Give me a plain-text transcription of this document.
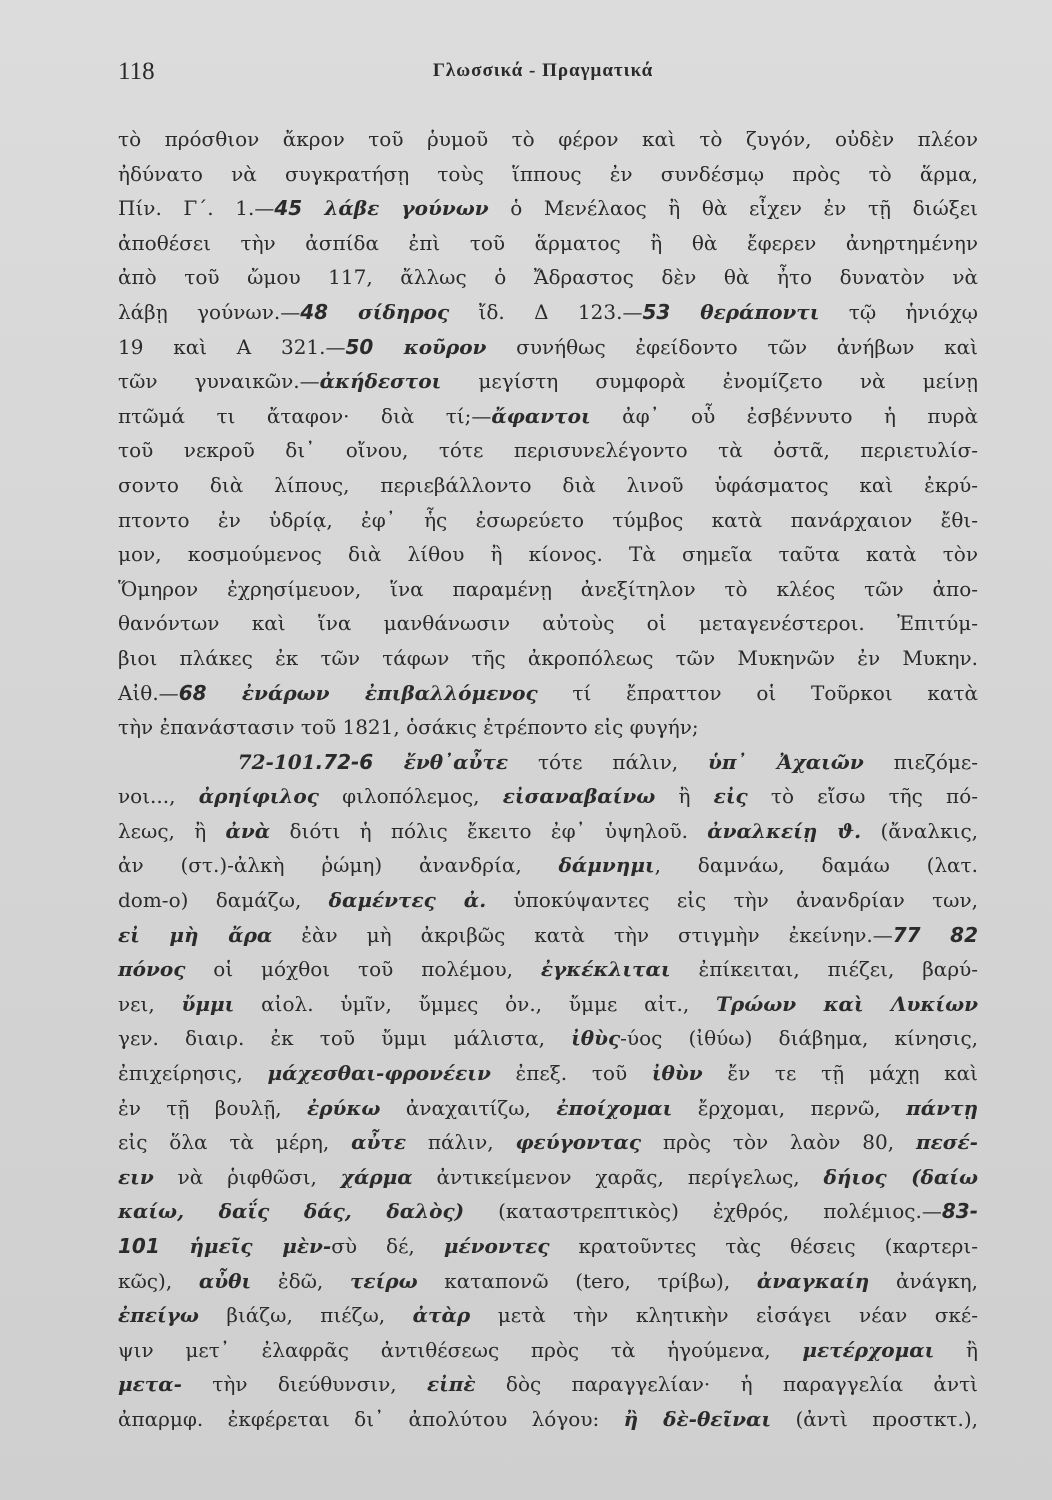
118	Γλωσσικά - Πραγματικά
τὸ πρόσθιον ἄκρον τοῦ ῥυμοῦ τὸ φέρον καὶ τὸ ζυγόν, οὐδὲν πλέον
ἠδύνατο νὰ συγκρατήσῃ τοὺς ἵππους ἐν συνδέσμῳ πρὸς τὸ ἅρμα,
Πίν. Γ΄. 1.—45 λάβε γούνων ὁ Μενέλαος ἢ θὰ εἶχεν ἐν τῇ διώξει
ἀποθέσει τὴν ἀσπίδα ἐπὶ τοῦ ἅρματος ἢ θὰ ἔφερεν ἀνηρτημένην
ἀπὸ τοῦ ὤμου 117, ἄλλως ὁ Ἄδραστος δὲν θὰ ἦτο δυνατὸν νὰ
λάβῃ γούνων.—48 σίδηρος ἴδ. Δ 123.—53 θεράποντι τῷ ἡνιόχῳ
19 καὶ Α 321.—50 κοῦρον συνήθως ἐφείδοντο τῶν ἀνήβων καὶ
τῶν γυναικῶν.—ἀκήδεστοι μεγίστη συμφορὰ ἐνομίζετο νὰ μείνῃ
πτῶμά τι ἄταφον· διὰ τί;—ἄφαντοι ἀφ᾽ οὗ ἐσβέννυτο ἡ πυρὰ
τοῦ νεκροῦ δι᾽ οἴνου, τότε περισυνελέγοντο τὰ ὀστᾶ, περιετυλίσ-
σοντο διὰ λίπους, περιεβάλλοντο διὰ λινοῦ ὑφάσματος καὶ ἐκρύ-
πτοντο ἐν ὑδρίᾳ, ἐφ᾽ ἧς ἐσωρεύετο τύμβος κατὰ πανάρχαιον ἔθι-
μον, κοσμούμενος διὰ λίθου ἢ κίονος. Τὰ σημεῖα ταῦτα κατὰ τὸν
Ὅμηρον ἐχρησίμευον, ἵνα παραμένῃ ἀνεξίτηλον τὸ κλέος τῶν ἀπο-
θανόντων καὶ ἵνα μανθάνωσιν αὐτοὺς οἱ μεταγενέστεροι. Ἐπιτύμ-
βιοι πλάκες ἐκ τῶν τάφων τῆς ἀκροπόλεως τῶν Μυκηνῶν ἐν Μυκην.
Αἰθ.—68 ἐνάρων ἐπιβαλλόμενος τί ἔπραττον οἱ Τοῦρκοι κατὰ
τὴν ἐπανάστασιν τοῦ 1821, ὁσάκις ἐτρέποντο εἰς φυγήν;
72-101.72-6 ἔνθ᾽αὖτε τότε πάλιν, ὑπ᾽ Ἀχαιῶν πιεζόμε-
νοι..., ἀρηίφιλος φιλοπόλεμος, εἰσαναβαίνω ἢ εἰς τὸ εἴσω τῆς πό-
λεως, ἢ ἀνὰ διότι ἡ πόλις ἔκειτο ἐφ᾽ ὑψηλοῦ. ἀναλκείῃ ϑ. (ἄναλκις,
ἀν (στ.)-ἀλκὴ ῥώμη) ἀνανδρία, δάμνημι, δαμνάω, δαμάω (λατ.
dom-o) δαμάζω, δαμέντες ἀ. ὑποκύψαντες εἰς τὴν ἀνανδρίαν των,
εἰ μὴ ἄρα ἐὰν μὴ ἀκριβῶς κατὰ τὴν στιγμὴν ἐκείνην.—77 82
πόνος οἱ μόχθοι τοῦ πολέμου, ἐγκέκλιται ἐπίκειται, πιέζει, βαρύ-
νει, ὔμμι αἰολ. ὑμῖν, ὔμμες ὀν., ὔμμε αἰτ., Τρώων καὶ Λυκίων
γεν. διαιρ. ἐκ τοῦ ὔμμι μάλιστα, ἰθὺς-ύος (ἰθύω) διάβημα, κίνησις,
ἐπιχείρησις, μάχεσθαι-φρονέειν ἐπεξ. τοῦ ἰθὺν ἔν τε τῇ μάχῃ καὶ
ἐν τῇ βουλῇ, ἐρύκω ἀναχαιτίζω, ἐποίχομαι ἔρχομαι, περνῶ, πάντῃ
εἰς ὅλα τὰ μέρη, αὖτε πάλιν, φεύγοντας πρὸς τὸν λαὸν 80, πεσέ-
ειν νὰ ῥιφθῶσι, χάρμα ἀντικείμενον χαρᾶς, περίγελως, δήιος (δαίω
καίω, δαΐς δάς, δαλὸς) (καταστρεπτικὸς) ἐχθρός, πολέμιος.—83-
101 ἡμεῖς μὲν-σὺ δέ, μένοντες κρατοῦντες τὰς θέσεις (καρτερι-
κῶς), αὖθι ἐδῶ, τείρω καταπονῶ (tero, τρίβω), ἀναγκαίη ἀνάγκη,
ἐπείγω βιάζω, πιέζω, ἀτὰρ μετὰ τὴν κλητικὴν εἰσάγει νέαν σκέ-
ψιν μετ᾽ ἐλαφρᾶς ἀντιθέσεως πρὸς τὰ ἡγούμενα, μετέρχομαι ἢ
μετα- τὴν διεύθυνσιν, εἰπὲ δὸς παραγγελίαν· ἡ παραγγελία ἀντὶ
ἀπαρμφ. ἐκφέρεται δι᾽ ἀπολύτου λόγου: ἢ δὲ-θεῖναι (ἀντὶ προστκτ.),
